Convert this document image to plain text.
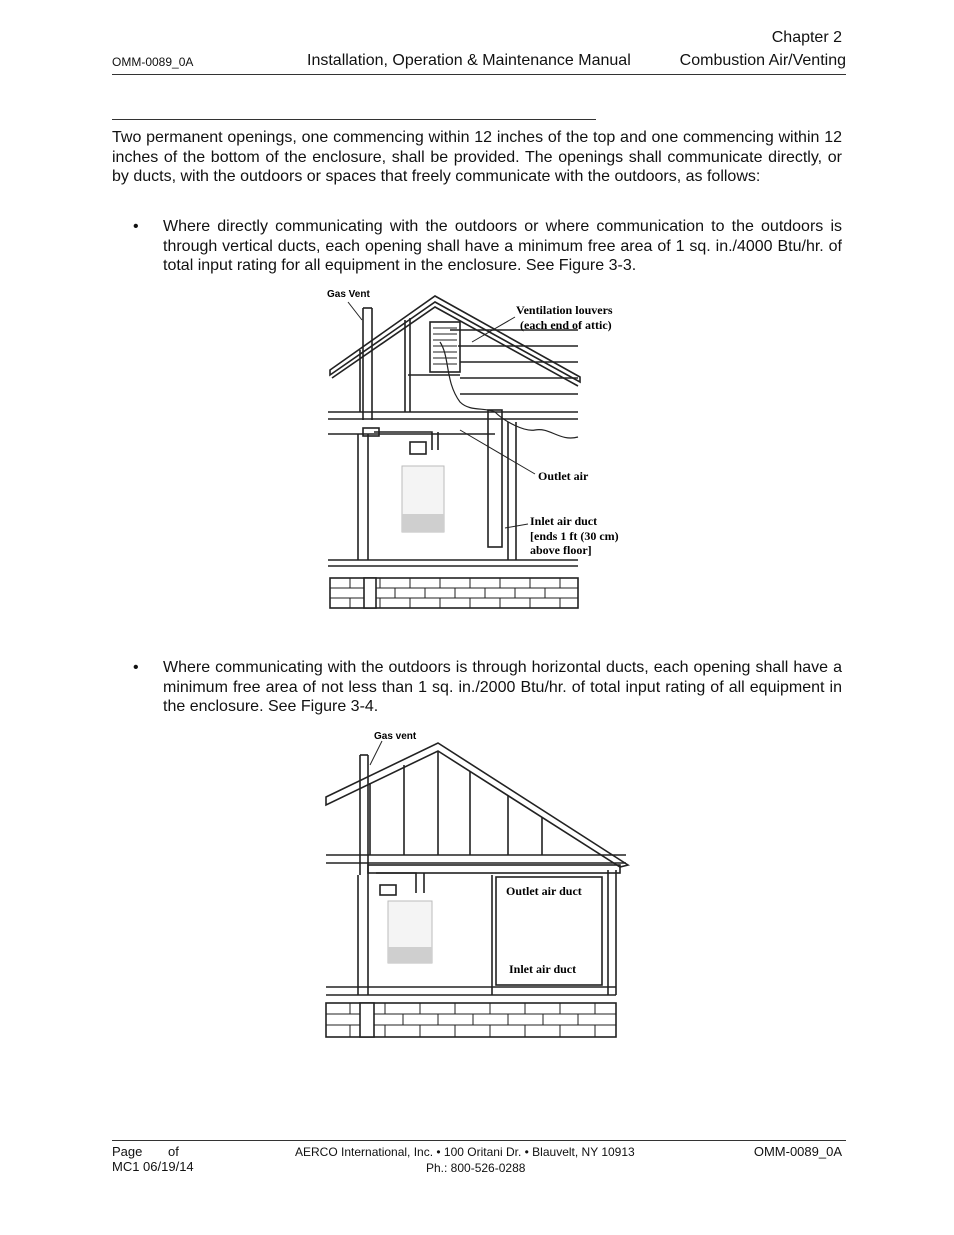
Chapter 2
OMM-0089_0A	Installation, Operation & Maintenance Manual	Combustion Air/Venting
Two permanent openings, one commencing within 12 inches of the top and one commencing within 12 inches of the bottom of the enclosure, shall be provided. The openings shall communicate directly, or by ducts, with the outdoors or spaces that freely communicate with the outdoors, as follows:
• Where directly communicating with the outdoors or where communication to the outdoors is through vertical ducts, each opening shall have a minimum free area of 1 sq. in./4000 Btu/hr. of total input rating for all equipment in the enclosure. See Figure 3-3.
Gas Vent
Ventilation louvers
(each end of attic)
Outlet air
Inlet air duct
[ends 1 ft (30 cm)
above floor]
• Where communicating with the outdoors is through horizontal ducts, each opening shall have a minimum free area of not less than 1 sq. in./2000 Btu/hr. of total input rating of all equipment in the enclosure. See Figure 3-4.
Gas vent
Outlet air duct
Inlet air duct
Page of
MC1 06/19/14
AERCO International, Inc. • 100 Oritani Dr. • Blauvelt, NY 10913
Ph.: 800-526-0288
OMM-0089_0A
